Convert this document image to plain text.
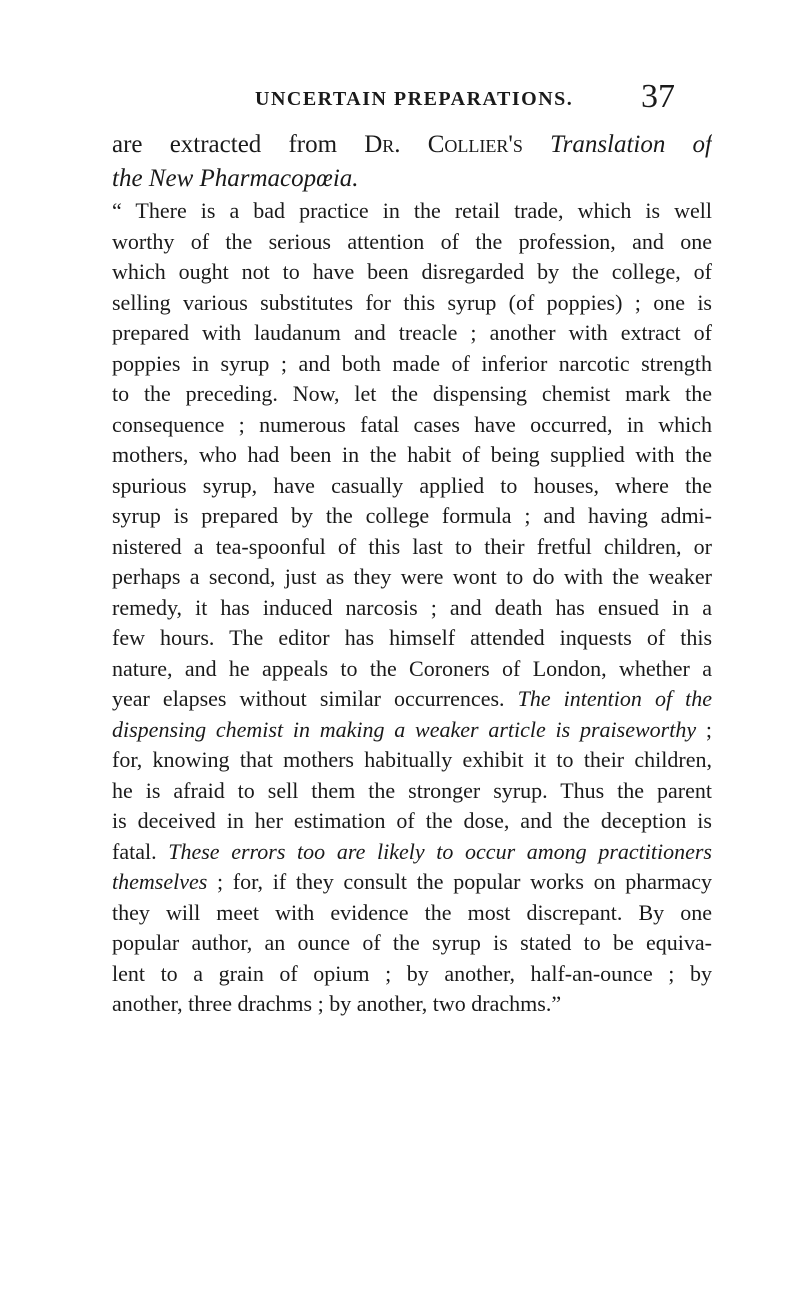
UNCERTAIN PREPARATIONS. 37
are extracted from Dr. Collier's Translation of
the New Pharmacopœia.
“ There is a bad practice in the retail trade, which is well
worthy of the serious attention of the profession, and one
which ought not to have been disregarded by the college, of
selling various substitutes for this syrup (of poppies) ; one is
prepared with laudanum and treacle ; another with extract of
poppies in syrup ; and both made of inferior narcotic strength
to the preceding. Now, let the dispensing chemist mark the
consequence ; numerous fatal cases have occurred, in which
mothers, who had been in the habit of being supplied with the
spurious syrup, have casually applied to houses, where the
syrup is prepared by the college formula ; and having admi-
nistered a tea-spoonful of this last to their fretful children, or
perhaps a second, just as they were wont to do with the weaker
remedy, it has induced narcosis ; and death has ensued in a
few hours. The editor has himself attended inquests of this
nature, and he appeals to the Coroners of London, whether a
year elapses without similar occurrences. The intention of the
dispensing chemist in making a weaker article is praiseworthy ;
for, knowing that mothers habitually exhibit it to their children,
he is afraid to sell them the stronger syrup. Thus the parent
is deceived in her estimation of the dose, and the deception is
fatal. These errors too are likely to occur among practitioners
themselves ; for, if they consult the popular works on pharmacy
they will meet with evidence the most discrepant. By one
popular author, an ounce of the syrup is stated to be equiva-
lent to a grain of opium ; by another, half-an-ounce ; by
another, three drachms ; by another, two drachms.”
